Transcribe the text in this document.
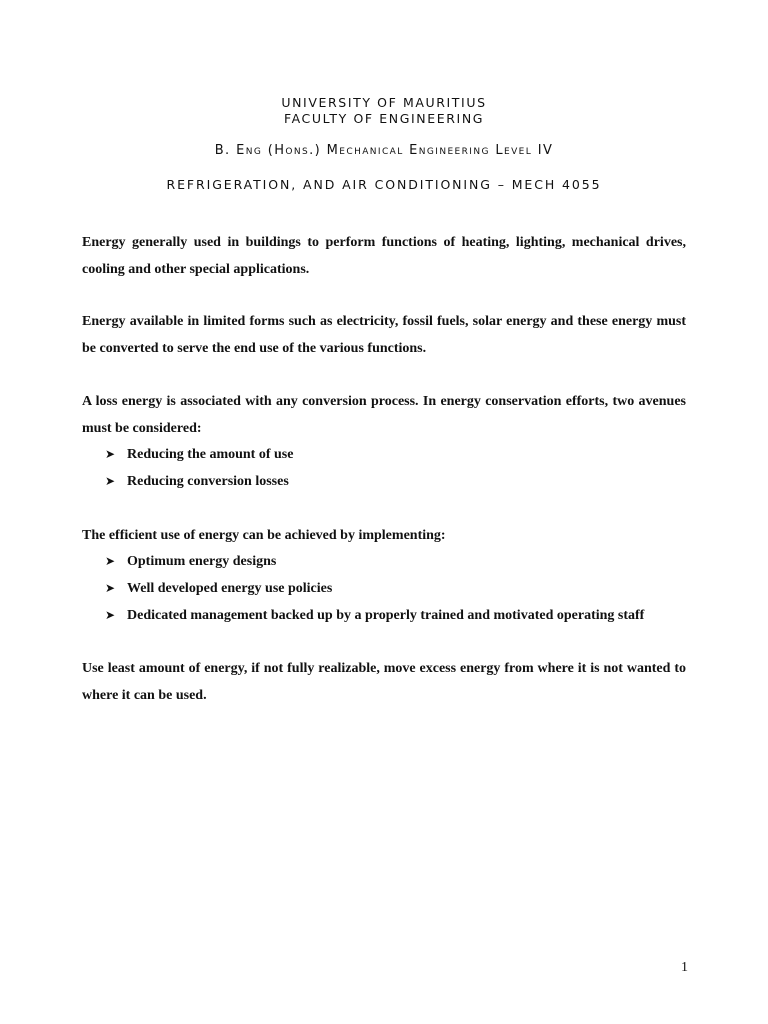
UNIVERSITY OF MAURITIUS
FACULTY OF ENGINEERING
B. Eng (Hons.) Mechanical Engineering Level IV
REFRIGERATION, AND AIR CONDITIONING – MECH 4055

Energy generally used in buildings to perform functions of heating, lighting, mechanical drives, cooling and other special applications.

Energy available in limited forms such as electricity, fossil fuels, solar energy and these energy must be converted to serve the end use of the various functions.

A loss energy is associated with any conversion process. In energy conservation efforts, two avenues must be considered:

➤ Reducing the amount of use
➤ Reducing conversion losses

The efficient use of energy can be achieved by implementing:

➤ Optimum energy designs
➤ Well developed energy use policies
➤ Dedicated management backed up by a properly trained and motivated operating staff

Use least amount of energy, if not fully realizable, move excess energy from where it is not wanted to where it can be used.

1
